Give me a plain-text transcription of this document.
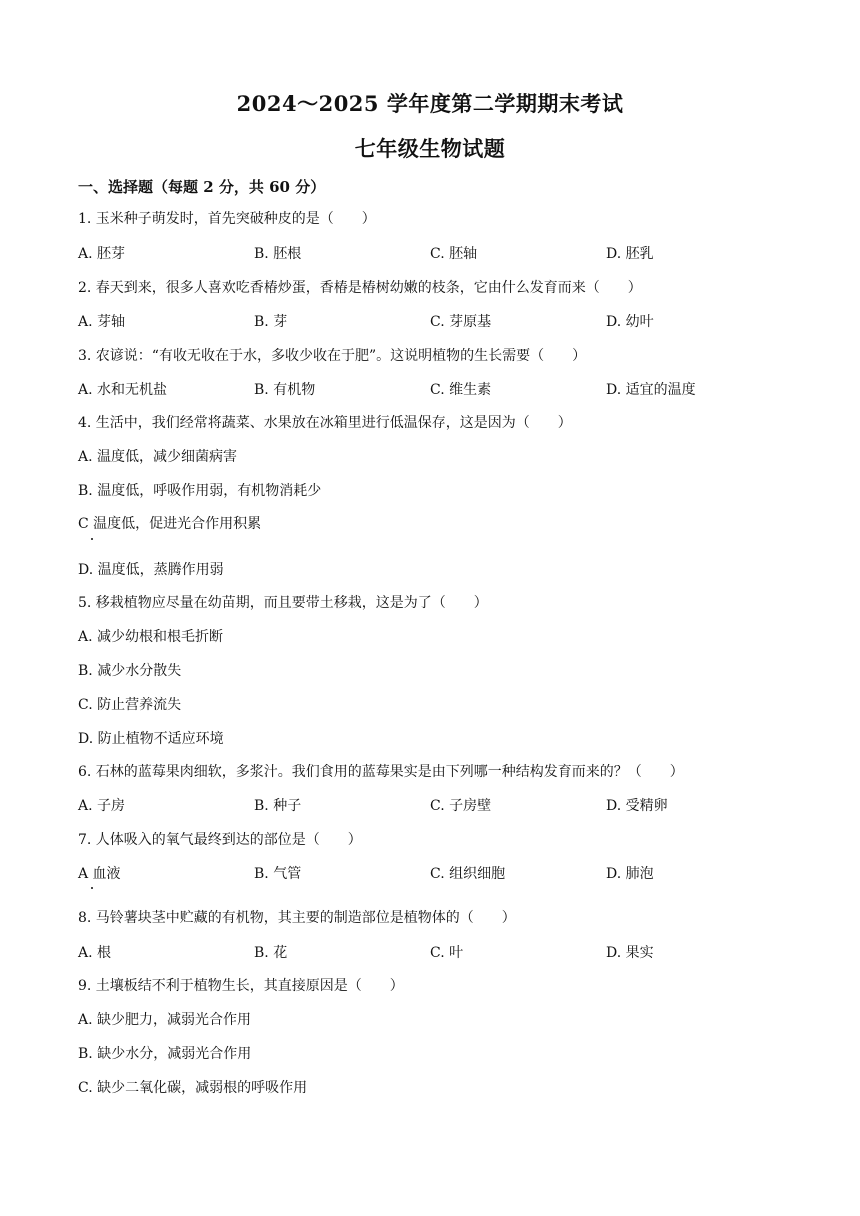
2024～2025 学年度第二学期期末考试
七年级生物试题
一、选择题（每题 2 分，共 60 分）
1. 玉米种子萌发时，首先突破种皮的是（　　）
A. 胚芽	B. 胚根	C. 胚轴	D. 胚乳
2. 春天到来，很多人喜欢吃香椿炒蛋，香椿是椿树幼嫩的枝条，它由什么发育而来（　　）
A. 芽轴	B. 芽	C. 芽原基	D. 幼叶
3. 农谚说：“有收无收在于水，多收少收在于肥”。这说明植物的生长需要（　　）
A. 水和无机盐	B. 有机物	C. 维生素	D. 适宜的温度
4. 生活中，我们经常将蔬菜、水果放在冰箱里进行低温保存，这是因为（　　）
A. 温度低，减少细菌病害
B. 温度低，呼吸作用弱，有机物消耗少
C 温度低，促进光合作用积累
D. 温度低，蒸腾作用弱
5. 移栽植物应尽量在幼苗期，而且要带土移栽，这是为了（　　）
A. 减少幼根和根毛折断
B. 减少水分散失
C. 防止营养流失
D. 防止植物不适应环境
6. 石林的蓝莓果肉细软，多浆汁。我们食用的蓝莓果实是由下列哪一种结构发育而来的？（　　）
A. 子房	B. 种子	C. 子房壁	D. 受精卵
7. 人体吸入的氧气最终到达的部位是（　　）
A 血液	B. 气管	C. 组织细胞	D. 肺泡
8. 马铃薯块茎中贮藏的有机物，其主要的制造部位是植物体的（　　）
A. 根	B. 花	C. 叶	D. 果实
9. 土壤板结不利于植物生长，其直接原因是（　　）
A. 缺少肥力，减弱光合作用
B. 缺少水分，减弱光合作用
C. 缺少二氧化碳，减弱根的呼吸作用
